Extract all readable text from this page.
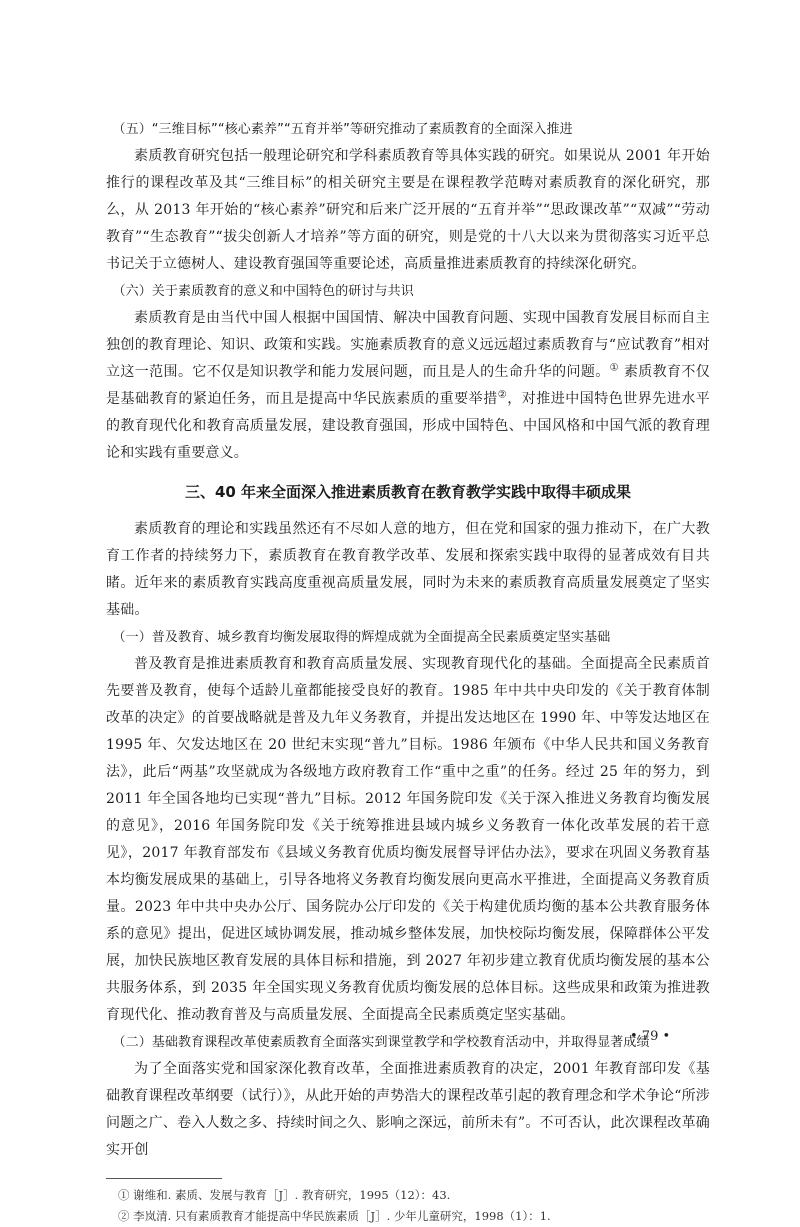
（五）“三维目标”“核心素养”“五育并举”等研究推动了素质教育的全面深入推进

素质教育研究包括一般理论研究和学科素质教育等具体实践的研究。如果说从 2001 年开始推行的课程改革及其“三维目标”的相关研究主要是在课程教学范畴对素质教育的深化研究，那么，从 2013 年开始的“核心素养”研究和后来广泛开展的“五育并举”“思政课改革”“双减”“劳动教育”“生态教育”“拔尖创新人才培养”等方面的研究，则是党的十八大以来为贯彻落实习近平总书记关于立德树人、建设教育强国等重要论述，高质量推进素质教育的持续深化研究。

（六）关于素质教育的意义和中国特色的研讨与共识

素质教育是由当代中国人根据中国国情、解决中国教育问题、实现中国教育发展目标而自主独创的教育理论、知识、政策和实践。实施素质教育的意义远远超过素质教育与“应试教育”相对立这一范围。它不仅是知识教学和能力发展问题，而且是人的生命升华的问题。① 素质教育不仅是基础教育的紧迫任务，而且是提高中华民族素质的重要举措②，对推进中国特色世界先进水平的教育现代化和教育高质量发展，建设教育强国，形成中国特色、中国风格和中国气派的教育理论和实践有重要意义。

三、40 年来全面深入推进素质教育在教育教学实践中取得丰硕成果

素质教育的理论和实践虽然还有不尽如人意的地方，但在党和国家的强力推动下，在广大教育工作者的持续努力下，素质教育在教育教学改革、发展和探索实践中取得的显著成效有目共睹。近年来的素质教育实践高度重视高质量发展，同时为未来的素质教育高质量发展奠定了坚实基础。

（一）普及教育、城乡教育均衡发展取得的辉煌成就为全面提高全民素质奠定坚实基础

普及教育是推进素质教育和教育高质量发展、实现教育现代化的基础。全面提高全民素质首先要普及教育，使每个适龄儿童都能接受良好的教育。1985 年中共中央印发的《关于教育体制改革的决定》的首要战略就是普及九年义务教育，并提出发达地区在 1990 年、中等发达地区在 1995 年、欠发达地区在 20 世纪末实现“普九”目标。1986 年颁布《中华人民共和国义务教育法》，此后“两基”攻坚就成为各级地方政府教育工作“重中之重”的任务。经过 25 年的努力，到 2011 年全国各地均已实现“普九”目标。2012 年国务院印发《关于深入推进义务教育均衡发展的意见》，2016 年国务院印发《关于统筹推进县域内城乡义务教育一体化改革发展的若干意见》，2017 年教育部发布《县域义务教育优质均衡发展督导评估办法》，要求在巩固义务教育基本均衡发展成果的基础上，引导各地将义务教育均衡发展向更高水平推进，全面提高义务教育质量。2023 年中共中央办公厅、国务院办公厅印发的《关于构建优质均衡的基本公共教育服务体系的意见》提出，促进区域协调发展，推动城乡整体发展，加快校际均衡发展，保障群体公平发展，加快民族地区教育发展的具体目标和措施，到 2027 年初步建立教育优质均衡发展的基本公共服务体系，到 2035 年全国实现义务教育优质均衡发展的总体目标。这些成果和政策为推进教育现代化、推动教育普及与高质量发展、全面提高全民素质奠定坚实基础。

（二）基础教育课程改革使素质教育全面落实到课堂教学和学校教育活动中，并取得显著成绩

为了全面落实党和国家深化教育改革，全面推进素质教育的决定，2001 年教育部印发《基础教育课程改革纲要（试行）》，从此开始的声势浩大的课程改革引起的教育理念和学术争论“所涉问题之广、卷入人数之多、持续时间之久、影响之深远，前所未有”。不可否认，此次课程改革确实开创

① 谢维和. 素质、发展与教育［J］. 教育研究，1995（12）：43.

② 李岚清. 只有素质教育才能提高中华民族素质［J］. 少年儿童研究，1998（1）：1.

• 79 •
